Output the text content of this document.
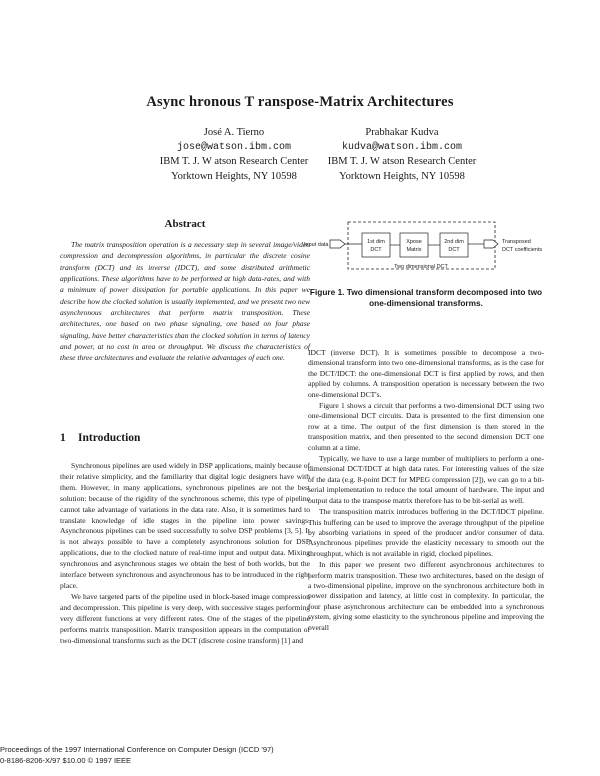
Async hronous T ranspose-Matrix Architectures
José A. Tierno
jose@watson.ibm.com
IBM T. J. W atson Research Center
Yorktown Heights, NY 10598
Prabhakar Kudva
kudva@watson.ibm.com
IBM T. J. W atson Research Center
Yorktown Heights, NY 10598
Abstract
The matrix transposition operation is a necessary step in several image/video compression and decompression algorithms, in particular the discrete cosine transform (DCT) and its inverse (IDCT), and some distributed arithmetic applications. These algorithms have to be performed at high data-rates, and with a minimum of power dissipation for portable applications. In this paper we describe how the clocked solution is usually implemented, and we present two new asynchronous architectures that perform matrix transposition. These architectures, one based on two phase signaling, one based on four phase signaling, have better characteristics than the clocked solution in terms of latency and power, at no cost in area or throughput. We discuss the characteristics of these three architectures and evaluate the relative advantages of each one.
1 Introduction

Synchronous pipelines are used widely in DSP applications, mainly because of their relative simplicity, and the familiarity that digital logic designers have with them. However, in many applications, synchronous pipelines are not the best solution: because of the rigidity of the synchronous scheme, this type of pipeline cannot take advantage of variations in the data rate. Also, it is sometimes hard to translate knowledge of idle stages in the pipeline into power savings. Asynchronous pipelines can be used successfully to solve DSP problems [3, 5]. It is not always possible to have a completely asynchronous solution for DSP applications, due to the clocked nature of real-time input and output data. Mixing synchronous and asynchronous stages we obtain the best of both worlds, but the interface between synchronous and asynchronous has to be introduced in the right place.

We have targeted parts of the pipeline used in block-based image compression and decompression. This pipeline is very deep, with successive stages performing very different functions at very different rates. One of the stages of the pipeline performs matrix transposition. Matrix transposition appears in the computation of two-dimensional transforms such as the DCT (discrete cosine transform) [1] and

Input data	1st dim
DCT
Xpose
Matrix
2nd dim
DCT
Transposed
DCT coefficients
Two dimensional DCT
Figure 1. Two dimensional transform decomposed into two one-dimensional transforms.

IDCT (inverse DCT). It is sometimes possible to decompose a two-dimensional transform into two one-dimensional transforms, as is the case for the DCT/IDCT: the one-dimensional DCT is first applied by rows, and then applied by columns. A transposition operation is necessary between the two one-dimensional DCT's.

Figure 1 shows a circuit that performs a two-dimensional DCT using two one-dimensional DCT circuits. Data is presented to the first dimension one row at a time. The output of the first dimension is then stored in the transposition matrix, and then presented to the second dimension DCT one column at a time.

Typically, we have to use a large number of multipliers to perform a one-dimensional DCT/IDCT at high data rates. For interesting values of the size of the data (e.g. 8-point DCT for MPEG compression [2]), we can go to a bit-serial implementation to reduce the total amount of hardware. The input and output data to the transpose matrix therefore has to be bit-serial as well.

The transposition matrix introduces buffering in the DCT/IDCT pipeline. This buffering can be used to improve the average throughput of the pipeline by absorbing variations in speed of the producer and/or consumer of data. Asynchronous pipelines provide the elasticity necessary to smooth out the throughput, which is not available in rigid, clocked pipelines.

In this paper we present two different asynchronous architectures to perform matrix transposition. These two architectures, based on the design of a two-dimensional pipeline, improve on the synchronous architecture both in power dissipation and latency, at little cost in complexity. In particular, the four phase asynchronous architecture can be embedded into a synchronous system, giving some elasticity to the synchronous pipeline and improving the overall

Proceedings of the 1997 International Conference on Computer Design (ICCD '97)
0-8186-8206-X/97 $10.00 © 1997 IEEE
